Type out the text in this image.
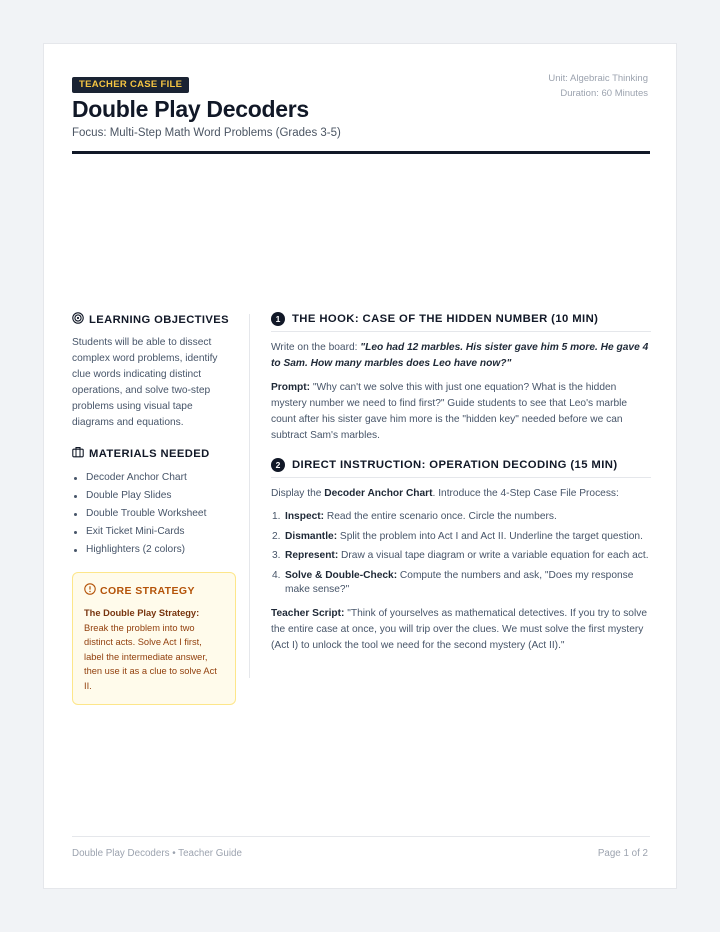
TEACHER CASE FILE
Double Play Decoders
Focus: Multi-Step Math Word Problems (Grades 3-5)
Unit: Algebraic Thinking
Duration: 60 Minutes
LEARNING OBJECTIVES

Students will be able to dissect complex word problems, identify clue words indicating distinct operations, and solve two-step problems using visual tape diagrams and equations.

MATERIALS NEEDED
Decoder Anchor Chart
Double Play Slides
Double Trouble Worksheet
Exit Ticket Mini-Cards
Highlighters (2 colors)
CORE STRATEGY

The Double Play Strategy: Break the problem into two distinct acts. Solve Act I first, label the intermediate answer, then use it as a clue to solve Act II.

1	THE HOOK: CASE OF THE HIDDEN NUMBER (10 MIN)

Write on the board: "Leo had 12 marbles. His sister gave him 5 more. He gave 4 to Sam. How many marbles does Leo have now?"

Prompt: "Why can't we solve this with just one equation? What is the hidden mystery number we need to find first?" Guide students to see that Leo's marble count after his sister gave him more is the "hidden key" needed before we can subtract Sam's marbles.

2	DIRECT INSTRUCTION: OPERATION DECODING (15 MIN)

Display the Decoder Anchor Chart. Introduce the 4-Step Case File Process:

1. Inspect: Read the entire scenario once. Circle the numbers.
2. Dismantle: Split the problem into Act I and Act II. Underline the target question.
3. Represent: Draw a visual tape diagram or write a variable equation for each act.
4. Solve & Double-Check: Compute the numbers and ask, "Does my response make sense?"

Teacher Script: "Think of yourselves as mathematical detectives. If you try to solve the entire case at once, you will trip over the clues. We must solve the first mystery (Act I) to unlock the tool we need for the second mystery (Act II)."

Double Play Decoders • Teacher Guide	Page 1 of 2
